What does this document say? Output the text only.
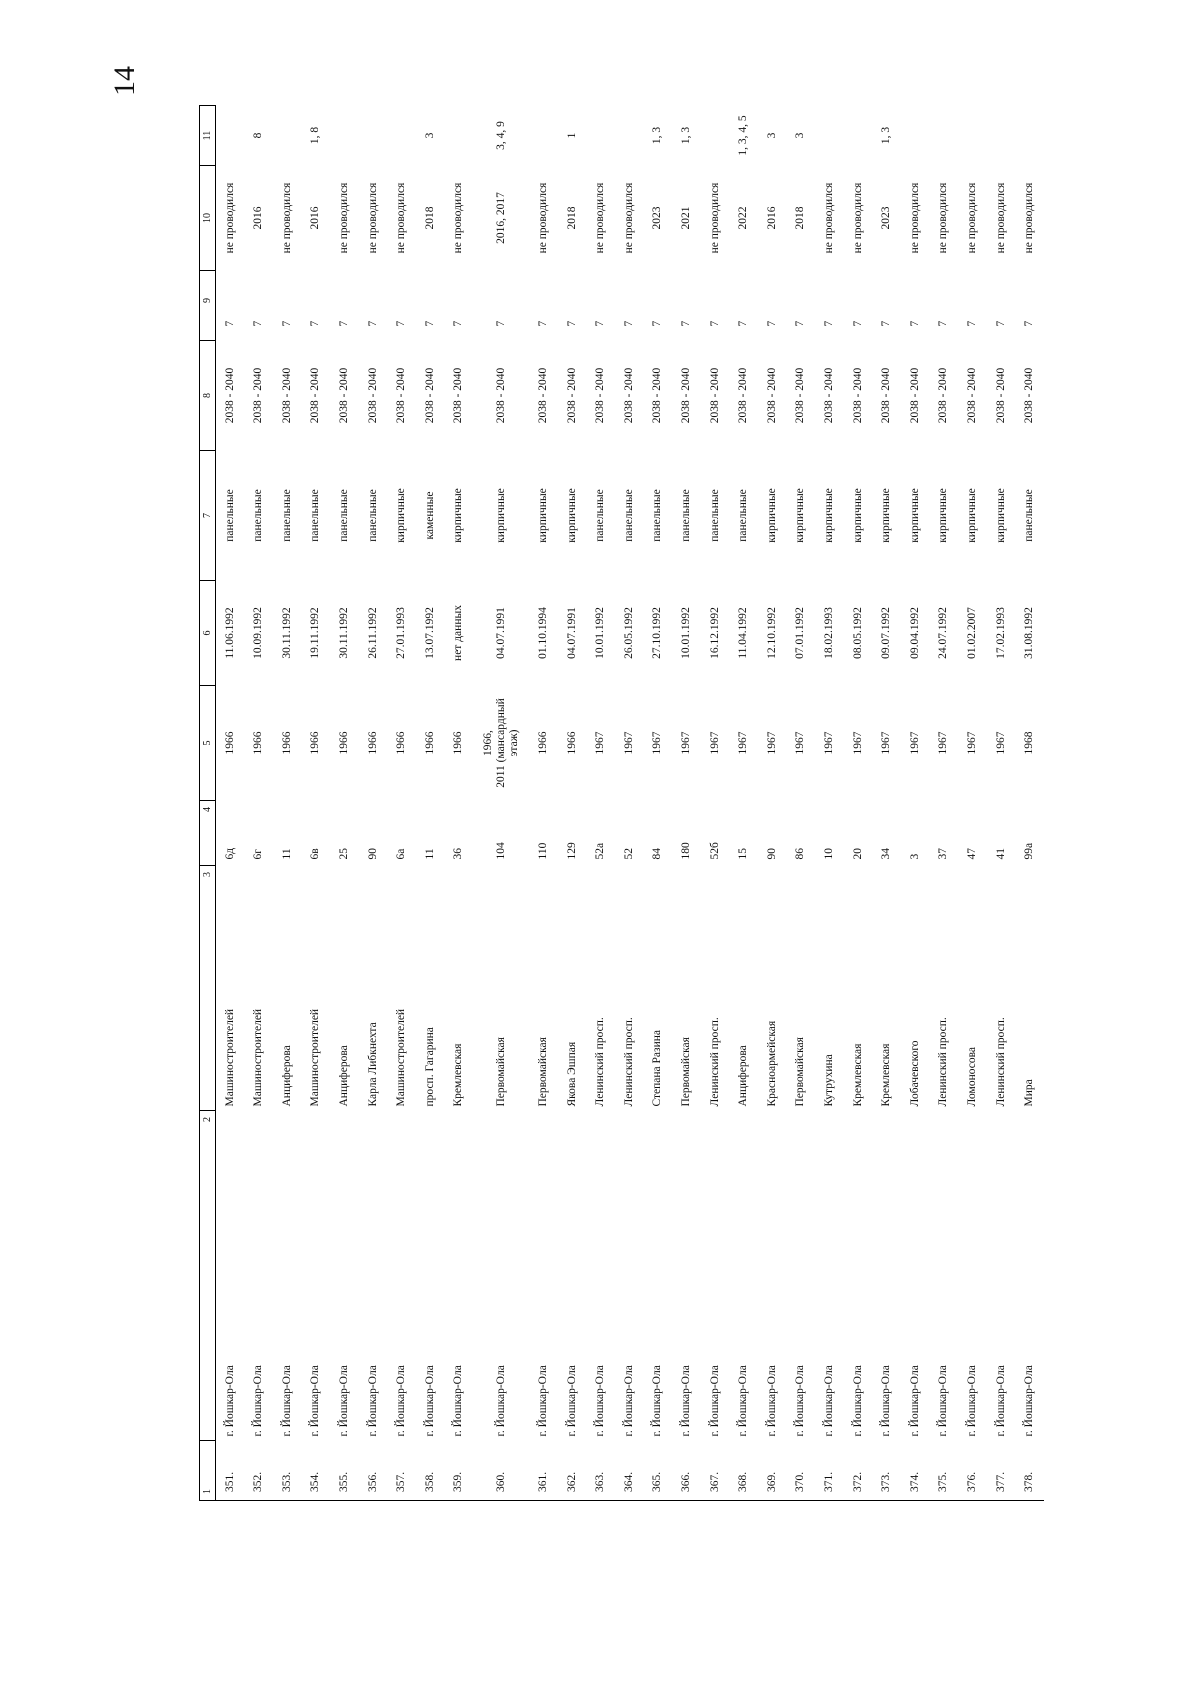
14
1	2	3	4	5	6	7	8	9	10	11
351.	г. Йошкар-Ола	Машиностроителей	6д	1966	11.06.1992	панельные	2038 - 2040	7	не проводился	
352.	г. Йошкар-Ола	Машиностроителей	6г	1966	10.09.1992	панельные	2038 - 2040	7	2016	8
353.	г. Йошкар-Ола	Анциферова	11	1966	30.11.1992	панельные	2038 - 2040	7	не проводился	
354.	г. Йошкар-Ола	Машиностроителей	6в	1966	19.11.1992	панельные	2038 - 2040	7	2016	1, 8
355.	г. Йошкар-Ола	Анциферова	25	1966	30.11.1992	панельные	2038 - 2040	7	не проводился	
356.	г. Йошкар-Ола	Карла Либкнехта	90	1966	26.11.1992	панельные	2038 - 2040	7	не проводился	
357.	г. Йошкар-Ола	Машиностроителей	6а	1966	27.01.1993	кирпичные	2038 - 2040	7	не проводился	
358.	г. Йошкар-Ола	просп. Гагарина	11	1966	13.07.1992	каменные	2038 - 2040	7	2018	3
359.	г. Йошкар-Ола	Кремлевская	36	1966	нет данных	кирпичные	2038 - 2040	7	не проводился	
360.	г. Йошкар-Ола	Первомайская	104	1966,
2011 (мансардный этаж)	04.07.1991	кирпичные	2038 - 2040	7	2016, 2017	3, 4, 9
361.	г. Йошкар-Ола	Первомайская	110	1966	01.10.1994	кирпичные	2038 - 2040	7	не проводился	
362.	г. Йошкар-Ола	Якова Эшпая	129	1966	04.07.1991	кирпичные	2038 - 2040	7	2018	1
363.	г. Йошкар-Ола	Ленинский просп.	52а	1967	10.01.1992	панельные	2038 - 2040	7	не проводился	
364.	г. Йошкар-Ола	Ленинский просп.	52	1967	26.05.1992	панельные	2038 - 2040	7	не проводился	
365.	г. Йошкар-Ола	Степана Разина	84	1967	27.10.1992	панельные	2038 - 2040	7	2023	1, 3
366.	г. Йошкар-Ола	Первомайская	180	1967	10.01.1992	панельные	2038 - 2040	7	2021	1, 3
367.	г. Йошкар-Ола	Ленинский просп.	52б	1967	16.12.1992	панельные	2038 - 2040	7	не проводился	
368.	г. Йошкар-Ола	Анциферова	15	1967	11.04.1992	панельные	2038 - 2040	7	2022	1, 3, 4, 5
369.	г. Йошкар-Ола	Красноармейская	90	1967	12.10.1992	кирпичные	2038 - 2040	7	2016	3
370.	г. Йошкар-Ола	Первомайская	86	1967	07.01.1992	кирпичные	2038 - 2040	7	2018	3
371.	г. Йошкар-Ола	Кутрухина	10	1967	18.02.1993	кирпичные	2038 - 2040	7	не проводился	
372.	г. Йошкар-Ола	Кремлевская	20	1967	08.05.1992	кирпичные	2038 - 2040	7	не проводился	
373.	г. Йошкар-Ола	Кремлевская	34	1967	09.07.1992	кирпичные	2038 - 2040	7	2023	1, 3
374.	г. Йошкар-Ола	Лобачевского	3	1967	09.04.1992	кирпичные	2038 - 2040	7	не проводился	
375.	г. Йошкар-Ола	Ленинский просп.	37	1967	24.07.1992	кирпичные	2038 - 2040	7	не проводился	
376.	г. Йошкар-Ола	Ломоносова	47	1967	01.02.2007	кирпичные	2038 - 2040	7	не проводился	
377.	г. Йошкар-Ола	Ленинский просп.	41	1967	17.02.1993	кирпичные	2038 - 2040	7	не проводился	
378.	г. Йошкар-Ола	Мира	99а	1968	31.08.1992	панельные	2038 - 2040	7	не проводился	
